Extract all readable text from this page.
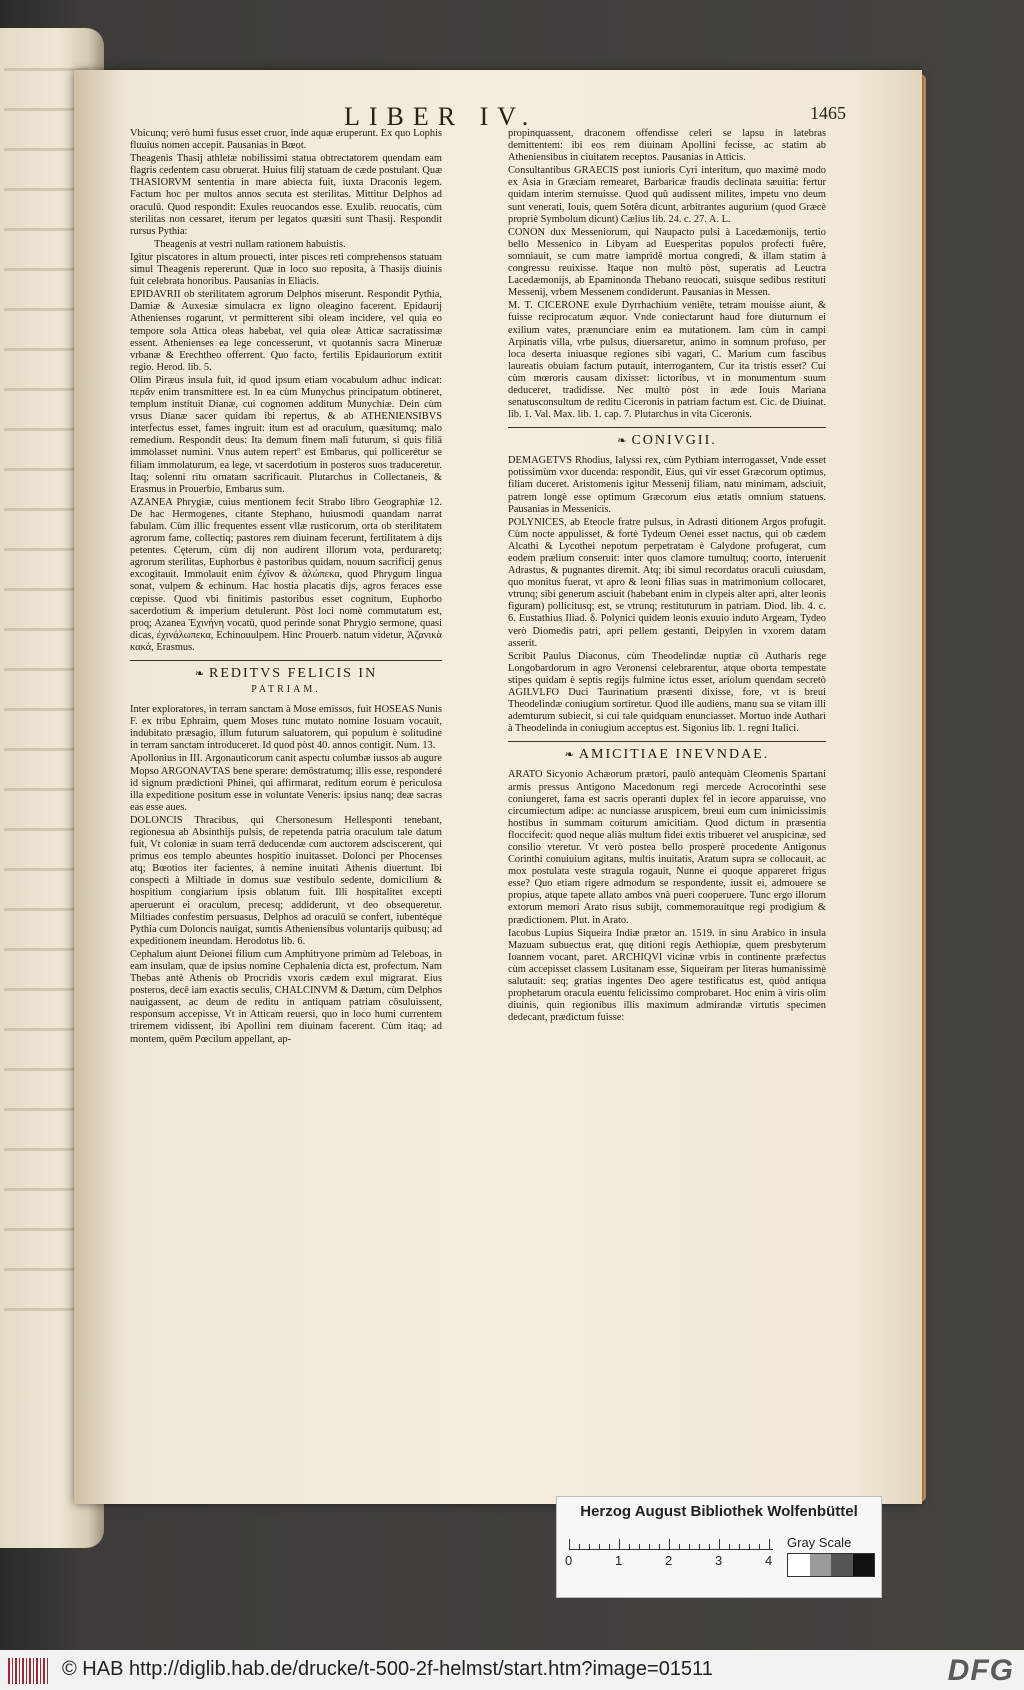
LIBER IV.	1465

Vbicunq; verò humi fusus esset cruor, inde aquæ eruperunt. Ex quo Lophis fluuius nomen accepit. Pausanias in Bœot.

Theagenis Thasij athletæ nobilissimi statua obtrectatorem quendam eam flagris cedentem casu obruerat. Huius filij statuam de cæde postulant. Quæ THASIORVM sententia in mare abiecta fuit, iuxta Draconis legem. Factum hoc per multos annos secuta est sterilitas. Mittitur Delphos ad oraculū. Quod respondit: Exules reuocandos esse. Exulib. reuocatis, cùm sterilitas non cessaret, iterum per legatos quæsiti sunt Thasij. Respondit rursus Pythia:

Theagenis at vestri nullam rationem habuistis.

Igitur piscatores in altum prouecti, inter pisces reti comprehensos statuam simul Theagenis repererunt. Quæ in loco suo reposita, à Thasijs diuinis fuit celebrata honoribus. Pausanias in Eliacis.

EPIDAVRII ob sterilitatem agrorum Delphos miserunt. Respondit Pythia, Damiæ & Auxesiæ simulacra ex ligno oleagino facerent. Epidaurij Athenienses rogarunt, vt permitterent sibi oleam incidere, vel quia eo tempore sola Attica oleas habebat, vel quia oleæ Atticæ sacratissimæ essent. Athenienses ea lege concesserunt, vt quotannis sacra Mineruæ vrbanæ & Erechtheo offerrent. Quo facto, fertilis Epidauriorum extitit regio. Herod. lib. 5.

Olim Piræus insula fuit, id quod ipsum etiam vocabulum adhuc indicat: περᾶν enim transmittere est. In ea cùm Munychus principatum obtineret, templum instituit Dianæ, cui cognomen additum Munychiæ. Dein cùm vrsus Dianæ sacer quidam ibi repertus, & ab ATHENIENSIBVS interfectus esset, fames ingruit: itum est ad oraculum, quæsitumq; malo remedium. Respondit deus: Ita demum finem mali futurum, si quis filiā immolasset numini. Vnus autem repertº est Embarus, qui pollicerétur se filiam immolaturum, ea lege, vt sacerdotium in posteros suos traduceretur. Itaq; solenni ritu ornatam sacrificauit. Plutarchus in Collectaneis, & Erasmus in Prouerbio, Embarus sum.

AZANEA Phrygiæ, cuius mentionem fecit Strabo libro Geographiæ 12. De hac Hermogenes, citante Stephano, huiusmodi quandam narrat fabulam. Cùm illic frequentes essent vllæ rusticorum, orta ob sterilitatem agrorum fame, collectiq; pastores rem diuinam fecerunt, fertilitatem à dijs petentes. Cęterum, cùm dij non audirent illorum vota, perduraretq; agrorum sterilitas, Euphorbus è pastoribus quidam, nouum sacrificij genus excogitauit. Immolauit enim ἐχῖνον & ἀλώπεκα, quod Phrygum lingua sonat, vulpem & echinum. Hac hostia placatis dijs, agros feraces esse cœpisse. Quod vbi finitimis pastoribus esset cognitum, Euphorbo sacerdotium & imperium detulerunt. Pòst loci nomè commutatum est, proq; Azanea Ἐχινήνη vocatū, quod perinde sonat Phrygio sermone, quasi dicas, ἐχινάλωπεκα, Echinouulpem. Hinc Prouerb. natum videtur, Ἀζανικὰ κακά, Erasmus.

❧ REDITVS FELICIS IN
PATRIAM.

Inter exploratores, in terram sanctam à Mose emissos, fuit HOSEAS Nunis F. ex tribu Ephraim, quem Moses tunc mutato nomine Iosuam vocauit, indubitato præsagio, illum futurum saluatorem, qui populum è solitudine in terram sanctam introduceret. Id quod pòst 40. annos contigit. Num. 13.

Apollonius in III. Argonauticorum canit aspectu columbæ iussos ab augure Mopso ARGONAVTAS bene sperare: demōstratumq; illis esse, responderé id signum prædictioni Phinei, qui affirmarat, reditum eorum è periculosa illa expeditione positum esse in voluntate Veneris: ipsius nanq; deæ sacras eas esse aues.

DOLONCIS Thracibus, qui Chersonesum Hellesponti tenebant, regionesua ab Absinthijs pulsis, de repetenda patria oraculum tale datum fuit, Vt coloniæ in suam terrā deducendæ cum auctorem adsciscerent, qui primus eos templo abeuntes hospitio inuitasset. Dolonci per Phocenses atq; Bœotios iter facientes, à nemine inuitati Athenis diuertunt. Ibi conspecti à Miltiade in domus suæ vestibulo sedente, domicilium & hospitium congiarium ipsis oblatum fuit. Illi hospitalitet excepti aperuerunt ei oraculum, precesq; addiderunt, vt deo obsequeretur. Miltiades confestim persuasus, Delphos ad oraculū se confert, iubentéque Pythia cum Doloncis nauigat, sumtis Atheniensibus voluntarijs quibusq; ad expeditionem ineundam. Herodotus lib. 6.

Cephalum aiunt Deionei filium cum Amphitryone primùm ad Teleboas, in eam insulam, quæ de ipsius nomine Cephalenia dicta est, profectum. Nam Thebas antè Athenis ob Procridis vxoris cædem exul migrarat. Eius posteros, decē iam exactis seculis, CHALCINVM & Dætum, cùm Delphos nauigassent, ac deum de reditu in antiquam patriam cōsuluissent, responsum accepisse, Vt in Atticam reuersi, quo in loco humi currentem triremem vidissent, ibi Apollini rem diuinam facerent. Cùm itaq; ad montem, quēm Pœcilum appellant, ap-

propinquassent, draconem offendisse celeri se lapsu in latebras demittentem: ibi eos rem diuinam Apollini fecisse, ac statim ab Atheniensibus in ciuitatem receptos. Pausanias in Atticis.

Consultantibus GRAECIS post iunioris Cyri interitum, quo maximè modo ex Asia in Græciam remearet, Barbaricæ fraudis declinata sæuitia: fertur quidam interim sternuisse. Quod quū audissent milites, impetu vno deum sunt venerati, Iouis, quem Sotêra dicunt, arbitrantes augurium (quod Græcè propriè Symbolum dicunt) Cælius lib. 24. c. 27. A. L.

CONON dux Messeniorum, qui Naupacto pulsi à Lacedæmonijs, tertio bello Messenico in Libyam ad Euesperitas populos profecti fuêre, somniauit, se cum matre iampridē mortua congredi, & illam statim à congressu reuixisse. Itaque non multò pòst, superatis ad Leuctra Lacedæmonijs, ab Epaminonda Thebano reuocati, suisque sedibus restituti Messenij, vrbem Messenem condiderunt. Pausanias in Messen.

M. T. CICERONE exule Dyrrhachium veniēte, tetram mouisse aiunt, & fuisse reciprocatum æquor. Vnde coniectarunt haud fore diuturnum ei exilium vates, prænunciare enim ea mutationem. Iam cùm in campi Arpinatis villa, vrbe pulsus, diuersaretur, animo in somnum profuso, per loca deserta iniuasque regiones sibi vagari, C. Marium cum fascibus laureatis obuiam factum putauit, interrogantem, Cur ita tristis esset? Cui cùm mœroris causam dixisset: lictoribus, vt in monumentum suum deduceret, tradidisse. Nec multò pòst in æde Iouis Mariana senatusconsultum de reditu Ciceronis in patriam factum est. Cic. de Diuinat. lib. 1. Val. Max. lib. 1. cap. 7. Plutarchus in vita Ciceronis.

❧ CONIVGII.

DEMAGETVS Rhodius, Ialyssi rex, cùm Pythiam interrogasset, Vnde esset potissimùm vxor ducenda: respondit, Eius, qui vir esset Græcorum optimus, filiam duceret. Aristomenis igitur Messenij filiam, natu minimam, adsciuit, patrem longè esse optimum Græcorum eius ætatis omnium statuens. Pausanias in Messenicis.

POLYNICES, ab Eteocle fratre pulsus, in Adrasti ditionem Argos profugit. Cùm nocte appulisset, & fortè Tydeum Oenei esset nactus, qui ob cædem Alcathi & Lycothei nepotum perpetratam è Calydone profugerat, cum eodem prælium conseruit: inter quos clamore tumultuq; coorto, interuenit Adrastus, & pugnantes diremit. Atq; ibi simul recordatus oraculi cuiusdam, quo monitus fuerat, vt apro & leoni filias suas in matrimonium collocaret, vtrunq; sibi generum asciuit (habebant enim in clypeis alter apri, alter leonis figuram) pollicitusq; est, se vtrunq; restituturum in patriam. Diod. lib. 4. c. 6. Eustathius Iliad. δ. Polynici quidem leonis exuuio induto Argeam, Tydeo verò Diomedis patri, apri pellem gestanti, Deipylen in vxorem datam asserit.

Scribit Paulus Diaconus, cùm Theodelindæ nuptiæ cū Autharis rege Longobardorum in agro Veronensi celebrarentur, atque oborta tempestate stipes quidam è septis regijs fulmine ictus esset, ariolum quendam secretò AGILVLFO Duci Taurinatium præsenti dixisse, fore, vt is breui Theodelindæ coniugium sortiretur. Quod ille audiens, manu sua se vitam illi ademturum subiecit, si cui tale quidquam enunciasset. Mortuo inde Autharì à Theodelinda in coniugium acceptus est. Sigonius lib. 1. regni Italici.

❧ AMICITIAE INEVNDAE.

ARATO Sicyonio Achæorum prætori, paulò antequàm Cleomenis Spartani armis pressus Antigono Macedonum regi mercede Acrocorinthi sese coniungeret, fama est sacris operanti duplex fel in iecore apparuisse, vno circumiectum adipe: ac nunciasse aruspicem, breui eum cum inimicissimis hostibus in summam coiturum amicitiam. Quod dictum in præsentia floccifecit: quod neque aliàs multum fidei extis tribueret vel aruspicinæ, sed consilio vteretur. Vt verò postea bello prosperè procedente Antigonus Corinthi conuiuium agitans, multis inuitatis, Aratum supra se collocauit, ac mox postulata veste stragula rogauit, Nunne ei quoque appareret frigus esse? Quo etiam rigere admodum se respondente, iussit ei, admouere se propius, atque tapete allato ambos vnà pueri cooperuere. Tunc ergo illorum extorum memori Arato risus subijt, commemorauitque regi prodigium & prædictionem. Plut. in Arato.

Iacobus Lupius Siqueira Indiæ prætor an. 1519. in sinu Arabico in insula Mazuam subuectus erat, quę ditioni regis Aethiopiæ, quem presbyterum Ioannem vocant, paret. ARCHIQVI vicinæ vrbis in continente præfectus cùm accepisset classem Lusitanam esse, Siqueiram per literas humanissimè salutauit: seq; gratias ingentes Deo agere testificatus est, quòd antiqua prophetarum oracula euentu felicissimo comprobaret. Hoc enim à viris olim diuinis, quin regionibus illis maximum admirandæ virtutis specimen dedecant, prædictum fuisse:

Herzog August Bibliothek Wolfenbüttel
0	1	2	3	4
Gray Scale
© HAB http://diglib.hab.de/drucke/t-500-2f-helmst/start.htm?image=01511	DFG
